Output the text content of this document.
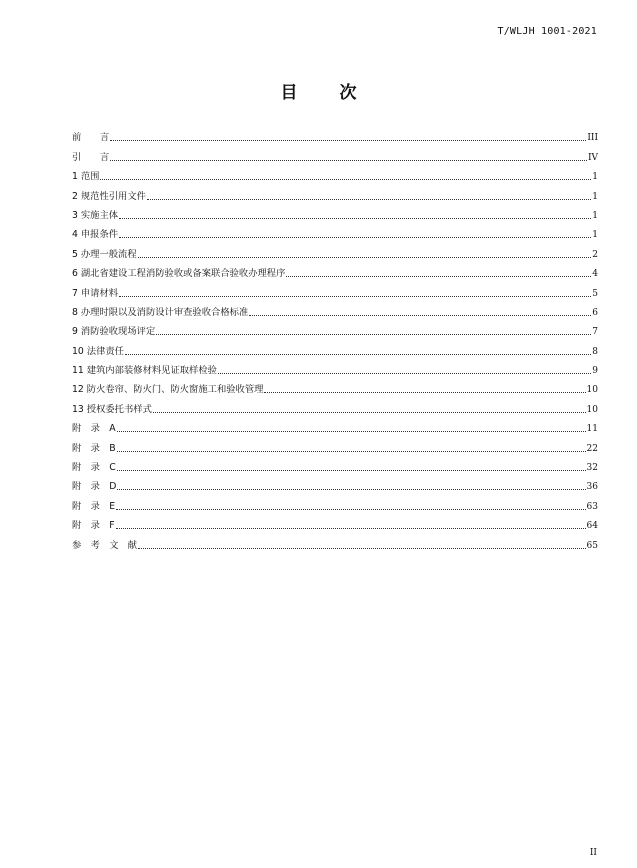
T/WLJH 1001-2021
目 次
前　　言	III
引　　言	IV
1 范围	1
2 规范性引用文件	1
3 实施主体	1
4 申报条件	1
5 办理一般流程	2
6 湖北省建设工程消防验收或备案联合验收办理程序	4
7 申请材料	5
8 办理时限以及消防设计审查验收合格标准	6
9 消防验收现场评定	7
10 法律责任	8
11 建筑内部装修材料见证取样检验	9
12 防火卷帘、防火门、防火窗施工和验收管理	10
13 授权委托书样式	10
附　录　A	11
附　录　B	22
附　录　C	32
附　录　D	36
附　录　E	63
附　录　F	64
参　考　文　献	65
II
